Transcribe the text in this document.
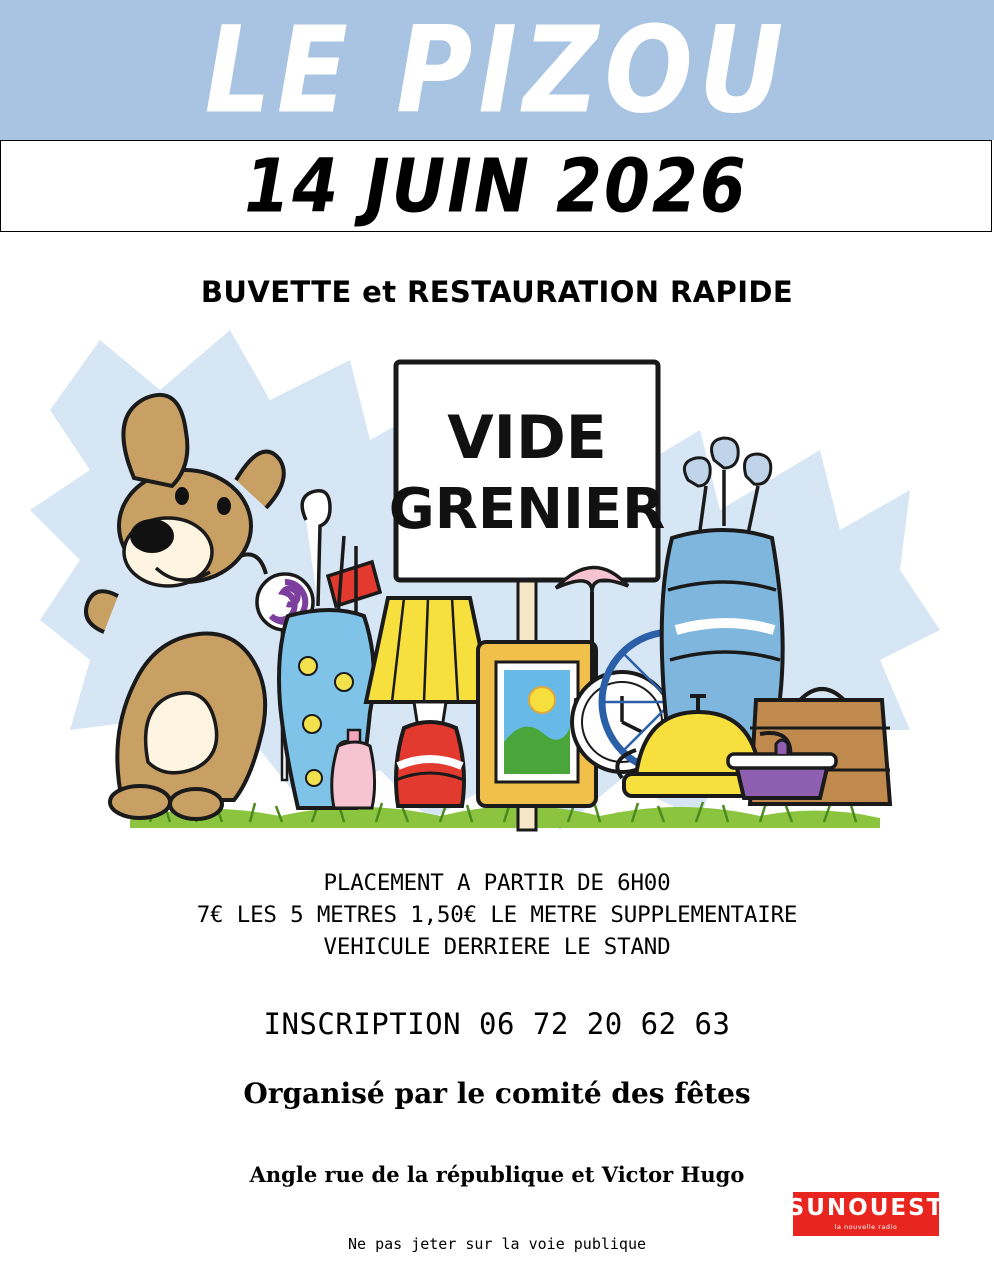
LE PIZOU
14 JUIN 2026
BUVETTE et RESTAURATION RAPIDE
VIDE
GRENIER
PLACEMENT A PARTIR DE 6H00
7€ LES 5 METRES 1,50€ LE METRE SUPPLEMENTAIRE
VEHICULE DERRIERE LE STAND
INSCRIPTION 06 72 20 62 63
Organisé par le comité des fêtes
Angle rue de la république et Victor Hugo
SUNOUEST
la nouvelle radio
Ne pas jeter sur la voie publique
